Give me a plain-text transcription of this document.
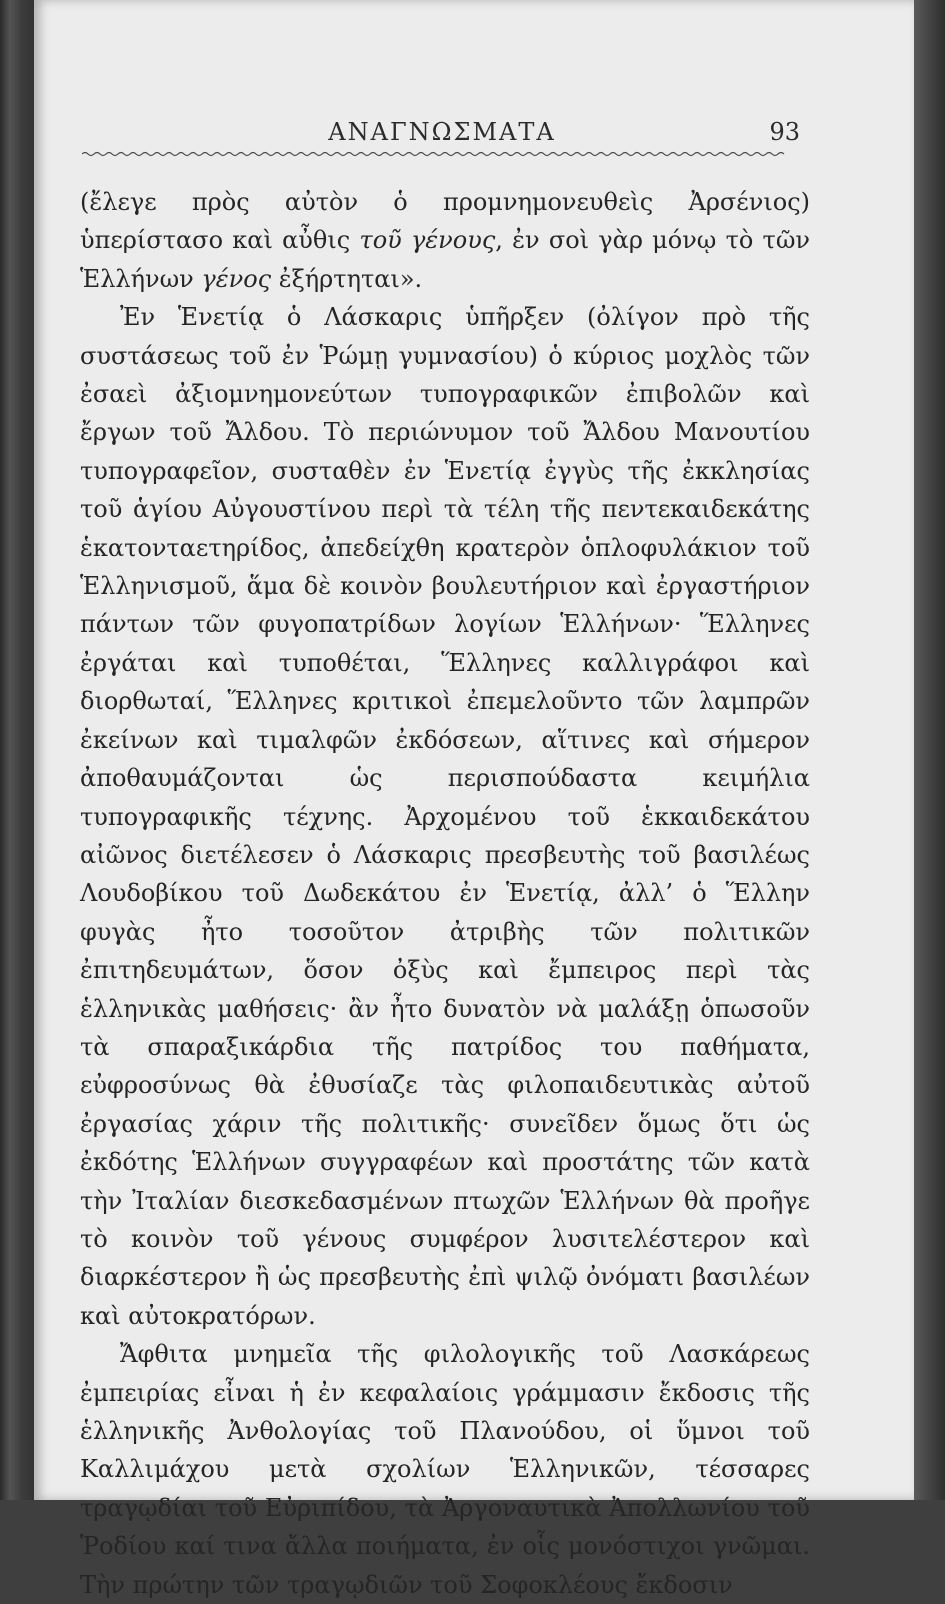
ΑΝΑΓΝΩΣΜΑΤΑ	93

(ἔλεγε πρὸς αὐτὸν ὁ προμνημονευθεὶς Ἀρσένιος) ὑπερίστασο καὶ αὖθις τοῦ γένους, ἐν σοὶ γὰρ μόνῳ τὸ τῶν Ἑλλήνων γένος ἐξήρτηται».

Ἐν Ἑνετίᾳ ὁ Λάσκαρις ὑπῆρξεν (ὀλίγον πρὸ τῆς συστάσεως τοῦ ἐν Ῥώμῃ γυμνασίου) ὁ κύριος μοχλὸς τῶν ἐσαεὶ ἀξιομνημονεύτων τυπογραφικῶν ἐπιβολῶν καὶ ἔργων τοῦ Ἄλδου. Τὸ περιώνυμον τοῦ Ἄλδου Μανουτίου τυπογραφεῖον, συσταθὲν ἐν Ἑνετίᾳ ἐγγὺς τῆς ἐκκλησίας τοῦ ἁγίου Αὐγουστίνου περὶ τὰ τέλη τῆς πεντεκαιδεκάτης ἑκατονταετηρίδος, ἀπεδείχθη κρατερὸν ὁπλοφυλάκιον τοῦ Ἑλληνισμοῦ, ἅμα δὲ κοινὸν βουλευτήριον καὶ ἐργαστήριον πάντων τῶν φυγοπατρίδων λογίων Ἑλλήνων· Ἕλληνες ἐργάται καὶ τυποθέται, Ἕλληνες καλλιγράφοι καὶ διορθωταί, Ἕλληνες κριτικοὶ ἐπεμελοῦντο τῶν λαμπρῶν ἐκείνων καὶ τιμαλφῶν ἐκδόσεων, αἵτινες καὶ σήμερον ἀποθαυμάζονται ὡς περισπούδαστα κειμήλια τυπογραφικῆς τέχνης. Ἀρχομένου τοῦ ἑκκαιδεκάτου αἰῶνος διετέλεσεν ὁ Λάσκαρις πρεσβευτὴς τοῦ βασιλέως Λουδοβίκου τοῦ Δωδεκάτου ἐν Ἑνετίᾳ, ἀλλ’ ὁ Ἕλλην φυγὰς ἦτο τοσοῦτον ἀτριβὴς τῶν πολιτικῶν ἐπιτηδευμάτων, ὅσον ὀξὺς καὶ ἔμπειρος περὶ τὰς ἑλληνικὰς μαθήσεις· ἂν ἦτο δυνατὸν νὰ μαλάξῃ ὁπωσοῦν τὰ σπαραξικάρδια τῆς πατρίδος του παθήματα, εὐφροσύνως θὰ ἐθυσίαζε τὰς φιλοπαιδευτικὰς αὐτοῦ ἐργασίας χάριν τῆς πολιτικῆς· συνεῖδεν ὅμως ὅτι ὡς ἐκδότης Ἑλλήνων συγγραφέων καὶ προστάτης τῶν κατὰ τὴν Ἰταλίαν διεσκεδασμένων πτωχῶν Ἑλλήνων θὰ προῆγε τὸ κοινὸν τοῦ γένους συμφέρον λυσιτελέστερον καὶ διαρκέστερον ἢ ὡς πρεσβευτὴς ἐπὶ ψιλῷ ὀνόματι βασιλέων καὶ αὐτοκρατόρων.

Ἄφθιτα μνημεῖα τῆς φιλολογικῆς τοῦ Λασκάρεως ἐμπειρίας εἶναι ἡ ἐν κεφαλαίοις γράμμασιν ἔκδοσις τῆς ἑλληνικῆς Ἀνθολογίας τοῦ Πλανούδου, οἱ ὕμνοι τοῦ Καλλιμάχου μετὰ σχολίων Ἑλληνικῶν, τέσσαρες τραγῳδίαι τοῦ Εὐριπίδου, τὰ Ἀργοναυτικὰ Ἀπολλωνίου τοῦ Ῥοδίου καί τινα ἄλλα ποιήματα, ἐν οἷς μονόστιχοι γνῶμαι. Τὴν πρώτην τῶν τραγῳδιῶν τοῦ Σοφοκλέους ἔκδοσιν
